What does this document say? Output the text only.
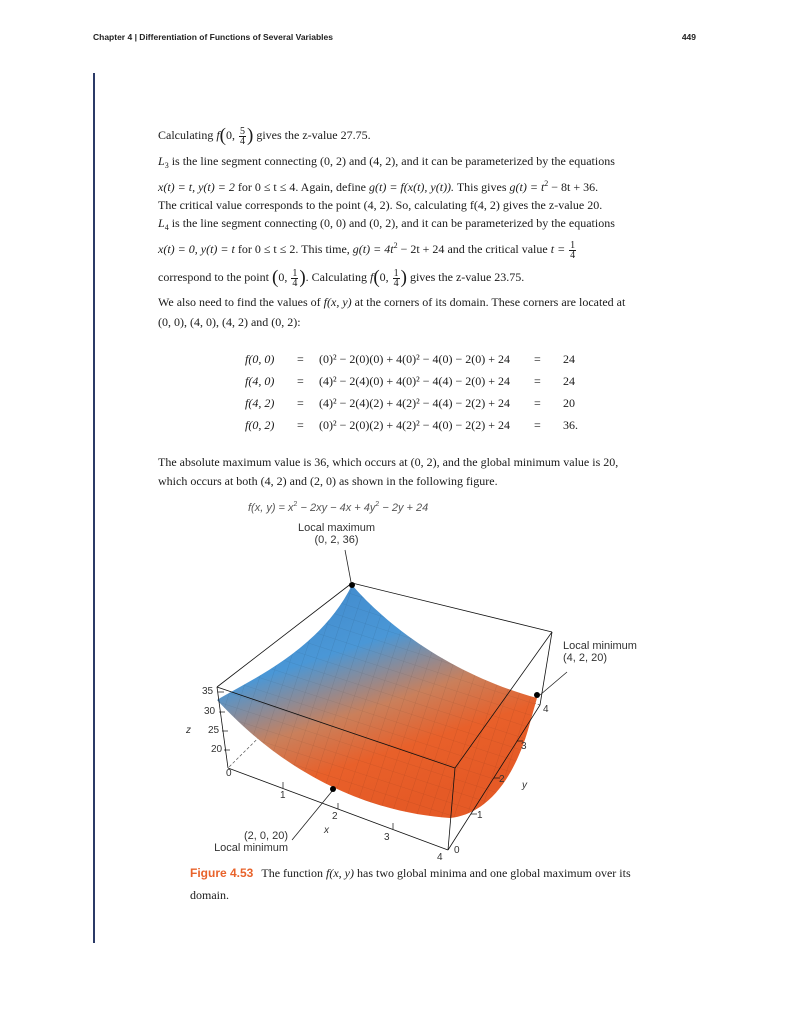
Chapter 4 | Differentiation of Functions of Several Variables	449
Calculating f(0, $\frac{5}{4}$ ) gives the z-value 27.75.
$L_3$ is the line segment connecting (0, 2) and (4, 2), and it can be parameterized by the equations
x(t) = t, y(t) = 2 for 0 ≤ t ≤ 4. Again, define g(t) = f(x(t), y(t)). This gives $g(t) = t^2 - 8t + 36$.
The critical value corresponds to the point (4, 2). So, calculating f(4, 2) gives the z-value 20.
$L_4$ is the line segment connecting (0, 0) and (0, 2), and it can be parameterized by the equations
x(t) = 0, y(t) = t for 0 ≤ t ≤ 2. This time, $g(t) = 4t^2 - 2t + 24$ and the critical value $t = \frac{1}{4}$
correspond to the point (0, $\frac{1}{4}$ ). Calculating f(0, $\frac{1}{4}$ ) gives the z-value 23.75.
We also need to find the values of f(x, y) at the corners of its domain. These corners are located at
(0, 0), (4, 0), (4, 2) and (0, 2):
The absolute maximum value is 36, which occurs at (0, 2), and the global minimum value is 20,
which occurs at both (4, 2) and (2, 0) as shown in the following figure.
f(0, 0) = (0)² − 2(0)(0) + 4(0)² − 4(0) − 2(0) + 24 = 24
f(4, 0) = (4)² − 2(4)(0) + 4(0)² − 4(4) − 2(0) + 24 = 24
f(4, 2) = (4)² − 2(4)(2) + 4(2)² − 4(4) − 2(2) + 24 = 20
f(0, 2) = (0)² − 2(0)(2) + 4(2)² − 4(0) − 2(2) + 24 = 36.
f(x, $y) = x^2 - 2xy - 4x + 4y^2 - 2y + 24$
Local maximum
(0, 2, 36)
Local minimum
(4, 2, 20)
(2, 0, 20)
Local minimum
z
x
y
35
30
25
20
0
1
2
3
4
0
1
2
3
4
Figure 4.53 The function f(x, y) has two global minima and one global maximum over its
domain.
